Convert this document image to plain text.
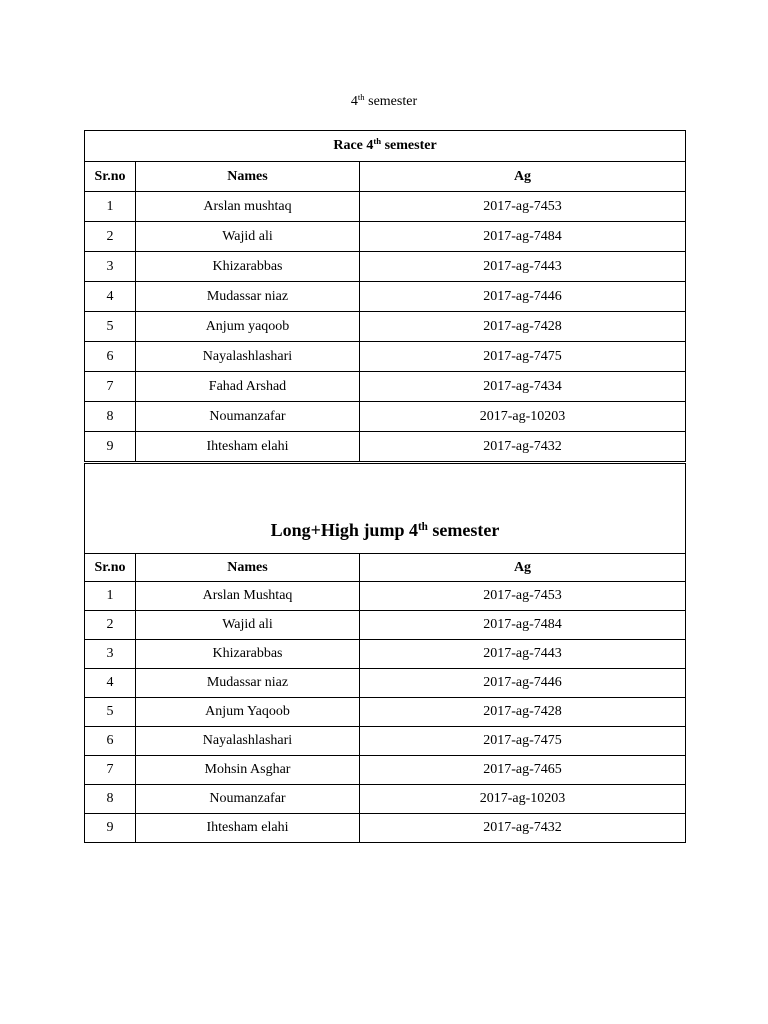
4th semester
Race 4th semester		
Sr.no	Names	Ag
1	Arslan mushtaq	2017-ag-7453
2	Wajid ali	2017-ag-7484
3	Khizarabbas	2017-ag-7443
4	Mudassar niaz	2017-ag-7446
5	Anjum yaqoob	2017-ag-7428
6	Nayalashlashari	2017-ag-7475
7	Fahad Arshad	2017-ag-7434
8	Noumanzafar	2017-ag-10203
9	Ihtesham elahi	2017-ag-7432
Long+High jump 4th semester		
Sr.no	Names	Ag
1	Arslan Mushtaq	2017-ag-7453
2	Wajid ali	2017-ag-7484
3	Khizarabbas	2017-ag-7443
4	Mudassar niaz	2017-ag-7446
5	Anjum Yaqoob	2017-ag-7428
6	Nayalashlashari	2017-ag-7475
7	Mohsin Asghar	2017-ag-7465
8	Noumanzafar	2017-ag-10203
9	Ihtesham elahi	2017-ag-7432
